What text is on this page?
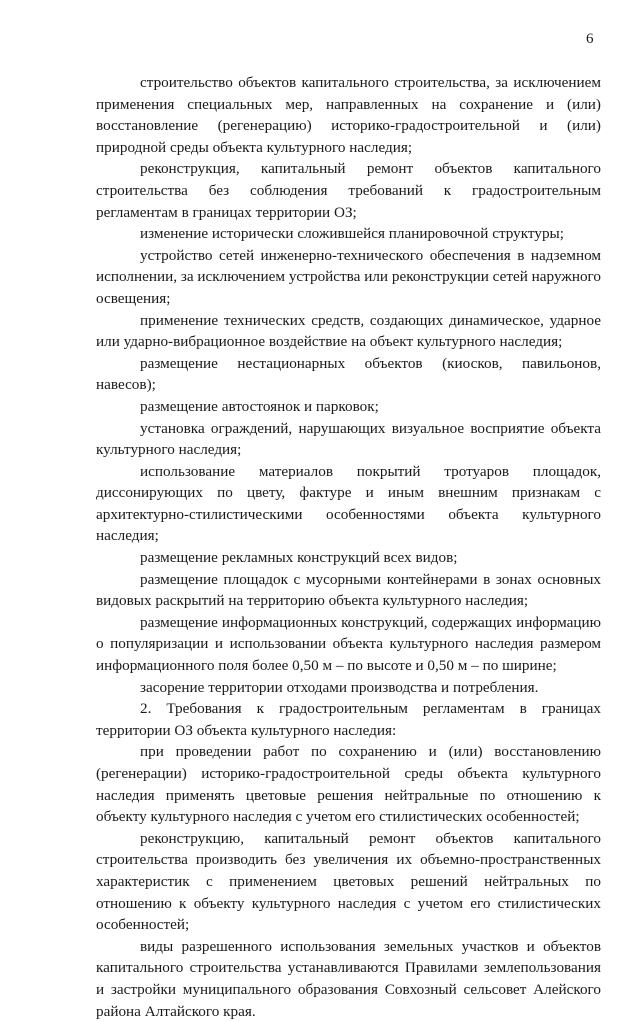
6

строительство объектов капитального строительства, за исключением применения специальных мер, направленных на сохранение и (или) восстановление (регенерацию) историко-градостроительной и (или) природной среды объекта культурного наследия;

реконструкция, капитальный ремонт объектов капитального строительства без соблюдения требований к градостроительным регламентам в границах территории ОЗ;

изменение исторически сложившейся планировочной структуры;

устройство сетей инженерно-технического обеспечения в надземном исполнении, за исключением устройства или реконструкции сетей наружного освещения;

применение технических средств, создающих динамическое, ударное или ударно-вибрационное воздействие на объект культурного наследия;

размещение нестационарных объектов (киосков, павильонов, навесов);

размещение автостоянок и парковок;

установка ограждений, нарушающих визуальное восприятие объекта культурного наследия;

использование материалов покрытий тротуаров площадок, диссонирующих по цвету, фактуре и иным внешним признакам с архитектурно-стилистическими особенностями объекта культурного наследия;

размещение рекламных конструкций всех видов;

размещение площадок с мусорными контейнерами в зонах основных видовых раскрытий на территорию объекта культурного наследия;

размещение информационных конструкций, содержащих информацию о популяризации и использовании объекта культурного наследия размером информационного поля более 0,50 м – по высоте и 0,50 м – по ширине;

засорение территории отходами производства и потребления.

2. Требования к градостроительным регламентам в границах территории ОЗ объекта культурного наследия:

при проведении работ по сохранению и (или) восстановлению (регенерации) историко-градостроительной среды объекта культурного наследия применять цветовые решения нейтральные по отношению к объекту культурного наследия с учетом его стилистических особенностей;

реконструкцию, капитальный ремонт объектов капитального строительства производить без увеличения их объемно-пространственных характеристик с применением цветовых решений нейтральных по отношению к объекту культурного наследия с учетом его стилистических особенностей;

виды разрешенного использования земельных участков и объектов капитального строительства устанавливаются Правилами землепользования и застройки муниципального образования Совхозный сельсовет Алейского района Алтайского края.
